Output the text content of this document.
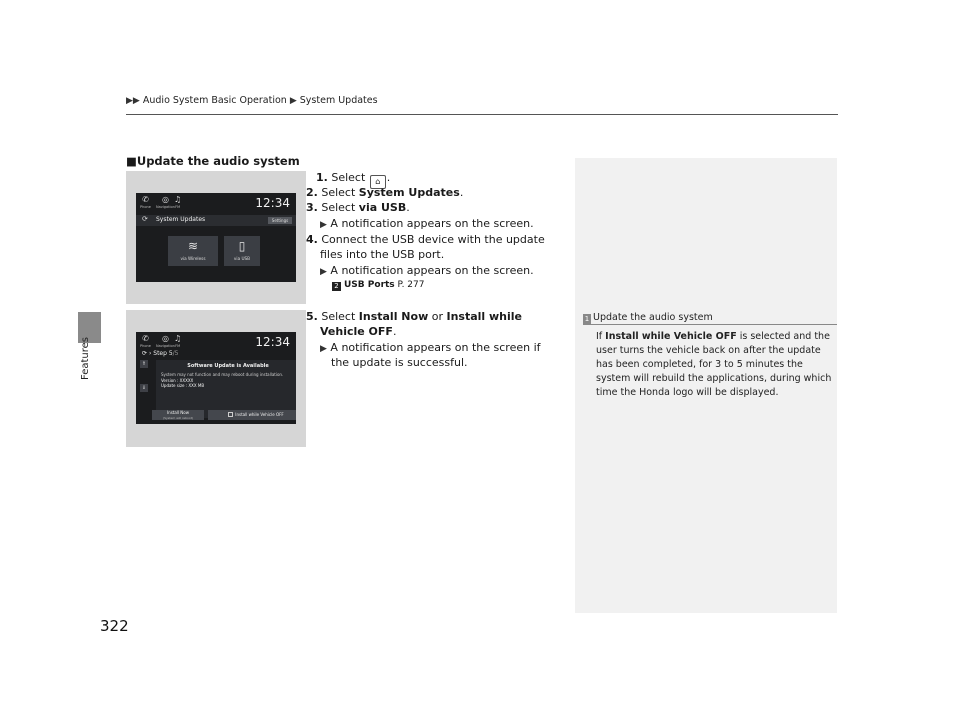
▶▶ Audio System Basic Operation ▶ System Updates
Features
322
■Update the audio system
✆
Phone
◎
Navigation
♫
FM	12:34
⟳ System Updates	Settings
≋
via Wireless
▯
via USB
✆
Phone
◎
Navigation
♫
FM	12:34
⟳ › Step 5/5
⇑
⇓
Software Update is Available
System may not function and may reboot during installation.
Version : XXXXX
Update size : XXX MB
Install Now
(System will reboot)
Install while Vehicle OFF
1. Select ⌂ .
2. Select System Updates.
3. Select via USB.
▶ A notification appears on the screen.
4. Connect the USB device with the update
files into the USB port.
▶ A notification appears on the screen.
2 USB Ports P. 277
5. Select Install Now or Install while
Vehicle OFF.
▶ A notification appears on the screen if
the update is successful.
1 Update the audio system
If Install while Vehicle OFF is selected and the user turns the vehicle back on after the update has been completed, for 3 to 5 minutes the system will rebuild the applications, during which time the Honda logo will be displayed.
